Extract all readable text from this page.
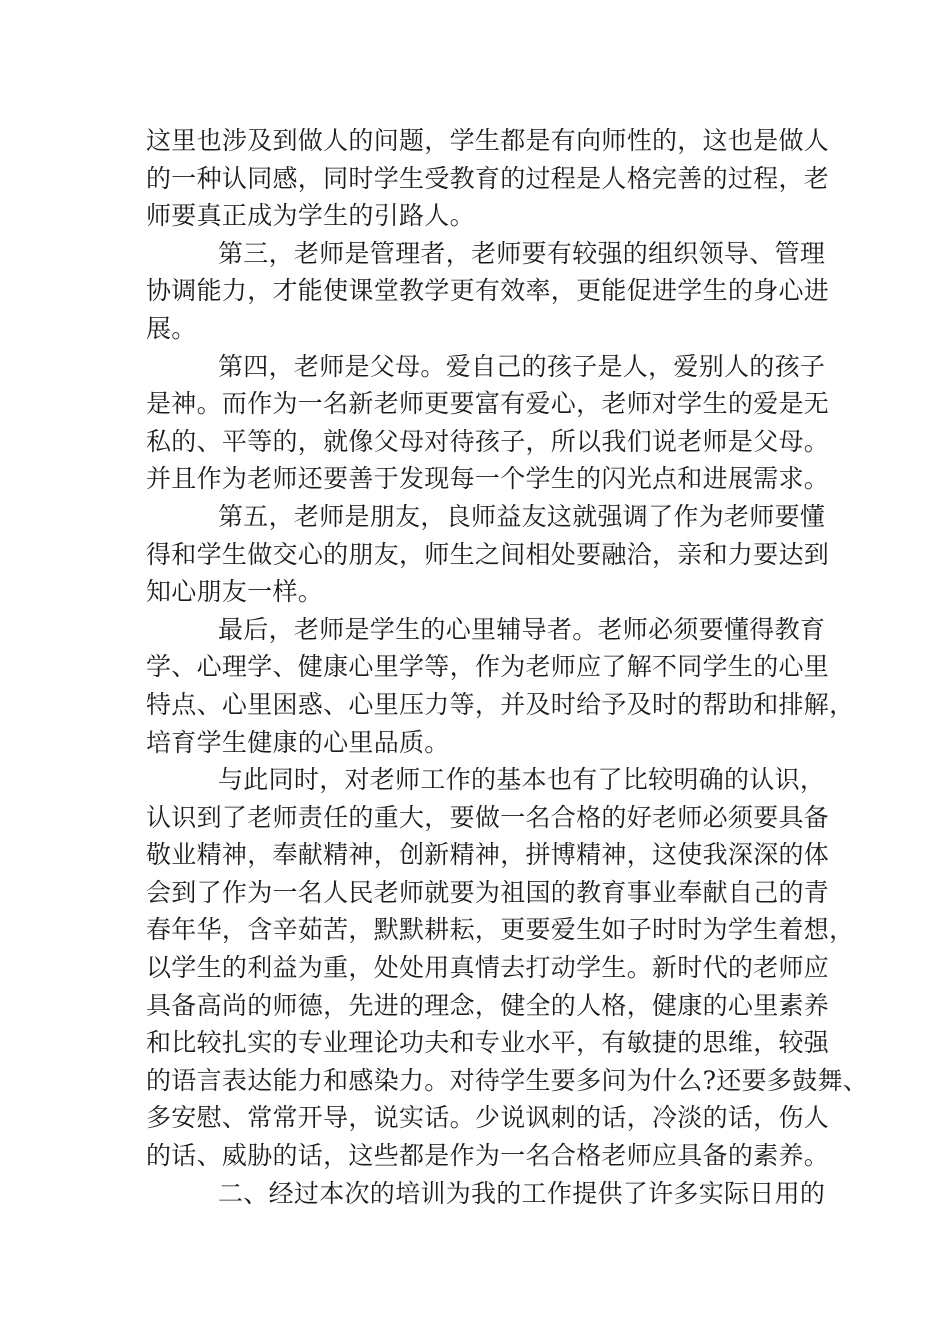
这里也涉及到做人的问题，学生都是有向师性的，这也是做人
的一种认同感，同时学生受教育的过程是人格完善的过程，老
师要真正成为学生的引路人。
第三，老师是管理者，老师要有较强的组织领导、管理
协调能力，才能使课堂教学更有效率，更能促进学生的身心进
展。
第四，老师是父母。爱自己的孩子是人，爱别人的孩子
是神。而作为一名新老师更要富有爱心，老师对学生的爱是无
私的、平等的，就像父母对待孩子，所以我们说老师是父母。
并且作为老师还要善于发现每一个学生的闪光点和进展需求。
第五，老师是朋友，良师益友这就强调了作为老师要懂
得和学生做交心的朋友，师生之间相处要融洽，亲和力要达到
知心朋友一样。
最后，老师是学生的心里辅导者。老师必须要懂得教育
学、心理学、健康心里学等，作为老师应了解不同学生的心里
特点、心里困惑、心里压力等，并及时给予及时的帮助和排解，
培育学生健康的心里品质。
与此同时，对老师工作的基本也有了比较明确的认识，
认识到了老师责任的重大，要做一名合格的好老师必须要具备
敬业精神，奉献精神，创新精神，拼博精神，这使我深深的体
会到了作为一名人民老师就要为祖国的教育事业奉献自己的青
春年华，含辛茹苦，默默耕耘，更要爱生如子时时为学生着想，
以学生的利益为重，处处用真情去打动学生。新时代的老师应
具备高尚的师德，先进的理念，健全的人格，健康的心里素养
和比较扎实的专业理论功夫和专业水平，有敏捷的思维，较强
的语言表达能力和感染力。对待学生要多问为什么?还要多鼓舞、
多安慰、常常开导，说实话。少说讽刺的话，冷淡的话，伤人
的话、威胁的话，这些都是作为一名合格老师应具备的素养。
二、经过本次的培训为我的工作提供了许多实际日用的
